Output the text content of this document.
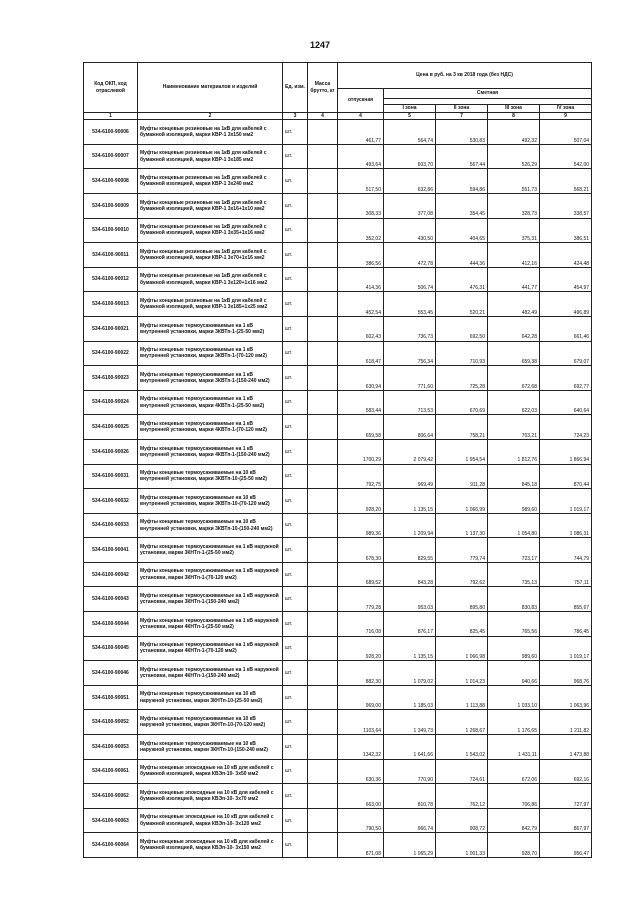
1247
Код ОКП, код отраслевой	Наименование материалов и изделий	Ед. изм.	Масса брутто, кг	Цена в руб. на 3 кв 2018 года (без НДС)				
				отпускная	Сметная			

					I зона	II зона	III зона	IV зона
1	2	3	4	4	5	7	8	9
534-6100-90006	Муфты концевые резиновые на 1кВ для кабелей с бумажной изоляцией, марки КВР-1 3х150 мм2	шт.		461,77	564,74	530,83	492,32	507,04
534-6100-90007	Муфты концевые резиновые на 1кВ для кабелей с бумажной изоляцией, марки КВР-1 3х185 мм2	шт.		493,64	603,70	567,44	526,29	542,00
534-6100-90008	Муфты концевые резиновые на 1кВ для кабелей с бумажной изоляцией, марки КВР-1 3х240 мм2	шт.		517,50	632,86	594,86	551,73	568,21
534-6100-90009	Муфты концевые резиновые на 1кВ для кабелей с бумажной изоляцией, марки КВР-1 3х16+1х10 мм2	шт.		308,33	377,08	354,45	328,73	338,57
534-6100-90010	Муфты концевые резиновые на 1кВ для кабелей с бумажной изоляцией, марки КВР-1 3х35+1х16 мм2	шт.		352,02	430,50	404,65	375,31	386,51
534-6100-90011	Муфты концевые резиновые на 1кВ для кабелей с бумажной изоляцией, марки КВР-1 3х70+1х16 мм2	шт.		386,56	472,78	444,36	412,16	424,48
534-6100-90012	Муфты концевые резиновые на 1кВ для кабелей с бумажной изоляцией, марки КВР-1 3х120+1х16 мм2	шт.		414,36	506,74	476,31	441,77	454,97
534-6100-90013	Муфты концевые резиновые на 1кВ для кабелей с бумажной изоляцией, марки КВР-1 3х185+1х25 мм2	шт.		452,54	553,45	520,21	482,49	496,89
534-6100-90021	Муфты концевые термоусаживаемые на 1 кВ внутренней установки, марки 3КВТп-1-(25-50 мм2)	шт.		602,43	736,73	692,50	642,28	661,46
534-6100-90022	Муфты концевые термоусаживаемые на 1 кВ внутренней установки, марки 3КВТп-1-(70-120 мм2)	шт.		618,47	756,34	710,93	659,38	679,07
534-6100-90023	Муфты концевые термоусаживаемые на 1 кВ внутренней установки, марки 3КВТп-1-(150-240 мм2)	шт.		630,94	771,60	725,28	672,68	692,77
534-6100-90024	Муфты концевые термоусаживаемые на 1 кВ внутренней установки, марки 4КВТп-1-(25-50 мм2)	шт.		583,44	713,53	670,69	622,03	640,64
534-6100-90025	Муфты концевые термоусаживаемые на 1 кВ внутренней установки, марки 4КВТп-1-(70-120 мм2)	шт.		659,58	806,64	758,21	703,21	724,23
534-6100-90026	Муфты концевые термоусаживаемые на 1 кВ внутренней установки, марки 4КВТп-1-(150-240 мм2)	шт.		1700,29	2 079,42	1 954,54	1 812,76	1 866,94
534-6100-90031	Муфты концевые термоусаживаемые на 10 кВ внутренней установки, марки 3КВТп-10-(25-50 мм2)	шт.		792,75	969,49	911,28	845,18	870,44
534-6100-90032	Муфты концевые термоусаживаемые на 10 кВ внутренней установки, марки 3КВТп-10-(70-120 мм2)	шт.		928,20	1 135,15	1 066,99	989,60	1 019,17
534-6100-90033	Муфты концевые термоусаживаемые на 10 кВ внутренней установки, марки 3КВТп-10-(150-240 мм2)	шт.		989,36	1 209,94	1 137,30	1 054,80	1 086,31
534-6100-90041	Муфты концевые термоусаживаемые на 1 кВ наружной установки, марки 3КНТп-1-(25-50 мм2)	шт.		678,30	829,55	779,74	723,17	744,79
534-6100-90042	Муфты концевые термоусаживаемые на 1 кВ наружной установки, марки 3КНТп-1-(70-120 мм2)	шт.		689,52	843,28	792,62	735,13	757,11
534-6100-90043	Муфты концевые термоусаживаемые на 1 кВ наружной установки, марки 3КНТп-1-(150-240 мм2)	шт.		779,28	953,03	895,80	830,83	855,67
534-6100-90044	Муфты концевые термоусаживаемые на 1 кВ наружной установки, марки 4КНТп-1-(25-50 мм2)	шт.		716,08	876,17	825,45	765,56	786,45
534-6100-90045	Муфты концевые термоусаживаемые на 1 кВ наружной установки, марки 4КНТп-1-(70-120 мм2)	шт.		928,20	1 135,15	1 066,98	989,60	1 019,17
534-6100-90046	Муфты концевые термоусаживаемые на 1 кВ наружной установки, марки 4КНТп-1-(150-240 мм2)	шт.		882,30	1 079,02	1 014,23	940,66	968,76
534-6100-90051	Муфты концевые термоусаживаемые на 10 кВ наружной установки, марки 3КНТп-10-(25-50 мм2)	шт.		969,00	1 185,03	1 113,88	1 033,10	1 063,96
534-6100-90052	Муфты концевые термоусаживаемые на 10 кВ наружной установки, марки 3КНТп-10-(70-120 мм2)	шт.		1103,64	1 349,73	1 268,67	1 176,65	1 211,82
534-6100-90053	Муфты концевые термоусаживаемые на 10 кВ наружной установки, марки 3КНТп-10-(150-240 мм2)	шт.		1342,32	1 641,66	1 543,02	1 431,11	1 473,88
534-6100-90061	Муфты концевые эпоксидные на 10 кВ для кабелей с бумажной изоляцией, марки КВЭп-10- 3х50 мм2	шт.		630,36	770,90	724,61	672,06	692,16
534-6100-90062	Муфты концевые эпоксидные на 10 кВ для кабелей с бумажной изоляцией, марки КВЭп-10- 3х70 мм2	шт.		663,00	810,78	762,12	706,86	727,97
534-6100-90063	Муфты концевые эпоксидные на 10 кВ для кабелей с бумажной изоляцией, марки КВЭп-10- 3х120 мм2	шт.		790,50	966,74	908,72	842,79	867,97
534-6100-90064	Муфты концевые эпоксидные на 10 кВ для кабелей с бумажной изоляцией, марки КВЭп-10- 3х150 мм2	шт.		871,08	1 065,29	1 001,33	928,70	956,47
